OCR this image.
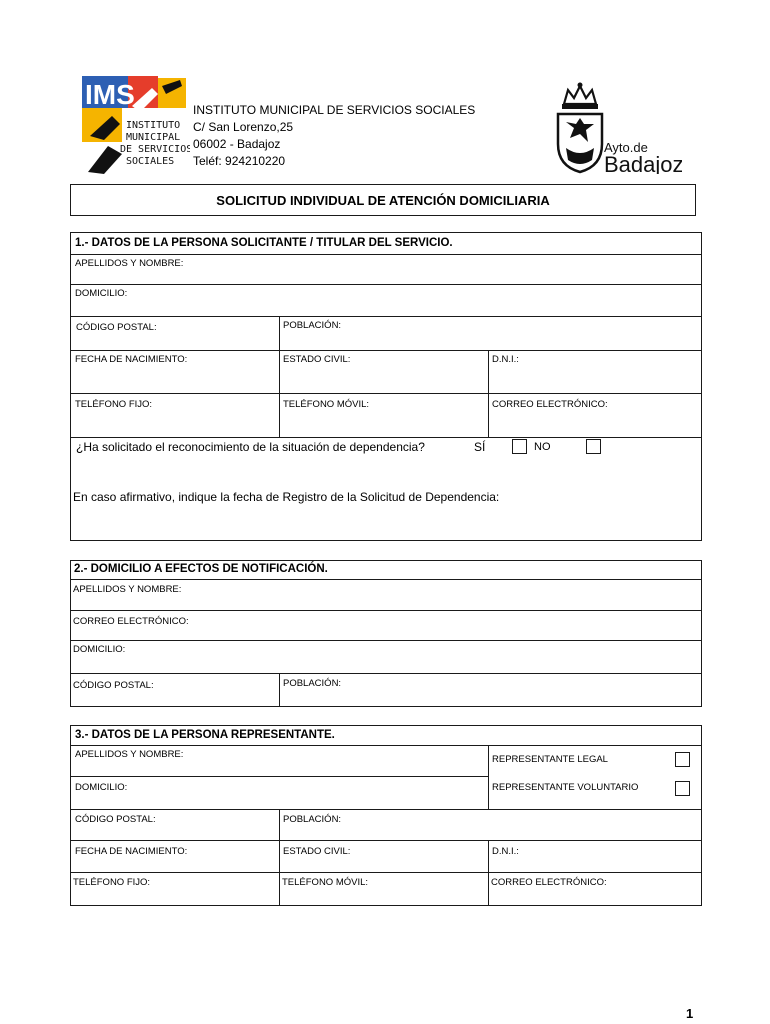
IMS
INSTITUTO
MUNICIPAL
DE SERVICIOS
SOCIALES
INSTITUTO MUNICIPAL DE SERVICIOS SOCIALES
C/ San Lorenzo,25
06002 - Badajoz
Teléf: 924210220
Ayto.de
Badajoz
SOLICITUD INDIVIDUAL DE ATENCIÓN DOMICILIARIA
1.- DATOS DE LA PERSONA SOLICITANTE / TITULAR DEL SERVICIO.
APELLIDOS Y NOMBRE:
DOMICILIO:
CÓDIGO POSTAL:	POBLACIÓN:
FECHA DE NACIMIENTO:	ESTADO CIVIL:	D.N.I.:
TELÉFONO FIJO:	TELÉFONO MÓVIL:	CORREO ELECTRÓNICO:
¿Ha solicitado el reconocimiento de la situación de dependencia?	SÍ	NO
En caso afirmativo, indique la fecha de Registro de la Solicitud de Dependencia:
2.- DOMICILIO A EFECTOS DE NOTIFICACIÓN.
APELLIDOS Y NOMBRE:
CORREO ELECTRÓNICO:
DOMICILIO:
CÓDIGO POSTAL:	POBLACIÓN:
3.- DATOS DE LA PERSONA REPRESENTANTE.
APELLIDOS Y NOMBRE:	REPRESENTANTE LEGAL
DOMICILIO:	REPRESENTANTE VOLUNTARIO
CÓDIGO POSTAL:	POBLACIÓN:
FECHA DE NACIMIENTO:	ESTADO CIVIL:	D.N.I.:
TELÉFONO FIJO:	TELÉFONO MÓVIL:	CORREO ELECTRÓNICO:
1
